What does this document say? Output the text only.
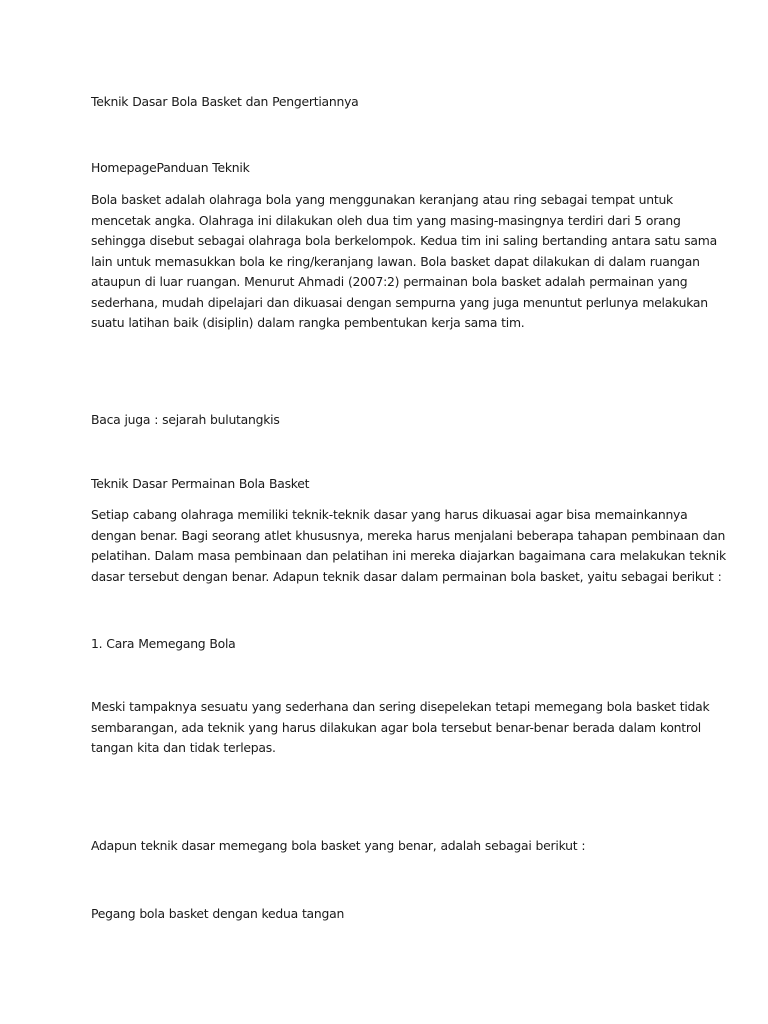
Teknik Dasar Bola Basket dan Pengertiannya

HomepagePanduan Teknik

Bola basket adalah olahraga bola yang menggunakan keranjang atau ring sebagai tempat untuk
mencetak angka. Olahraga ini dilakukan oleh dua tim yang masing-masingnya terdiri dari 5 orang
sehingga disebut sebagai olahraga bola berkelompok. Kedua tim ini saling bertanding antara satu sama
lain untuk memasukkan bola ke ring/keranjang lawan. Bola basket dapat dilakukan di dalam ruangan
ataupun di luar ruangan. Menurut Ahmadi (2007:2) permainan bola basket adalah permainan yang
sederhana, mudah dipelajari dan dikuasai dengan sempurna yang juga menuntut perlunya melakukan
suatu latihan baik (disiplin) dalam rangka pembentukan kerja sama tim.

Baca juga : sejarah bulutangkis

Teknik Dasar Permainan Bola Basket

Setiap cabang olahraga memiliki teknik-teknik dasar yang harus dikuasai agar bisa memainkannya
dengan benar. Bagi seorang atlet khususnya, mereka harus menjalani beberapa tahapan pembinaan dan
pelatihan. Dalam masa pembinaan dan pelatihan ini mereka diajarkan bagaimana cara melakukan teknik
dasar tersebut dengan benar. Adapun teknik dasar dalam permainan bola basket, yaitu sebagai berikut :

1. Cara Memegang Bola

Meski tampaknya sesuatu yang sederhana dan sering disepelekan tetapi memegang bola basket tidak
sembarangan, ada teknik yang harus dilakukan agar bola tersebut benar-benar berada dalam kontrol
tangan kita dan tidak terlepas.

Adapun teknik dasar memegang bola basket yang benar, adalah sebagai berikut :

Pegang bola basket dengan kedua tangan
